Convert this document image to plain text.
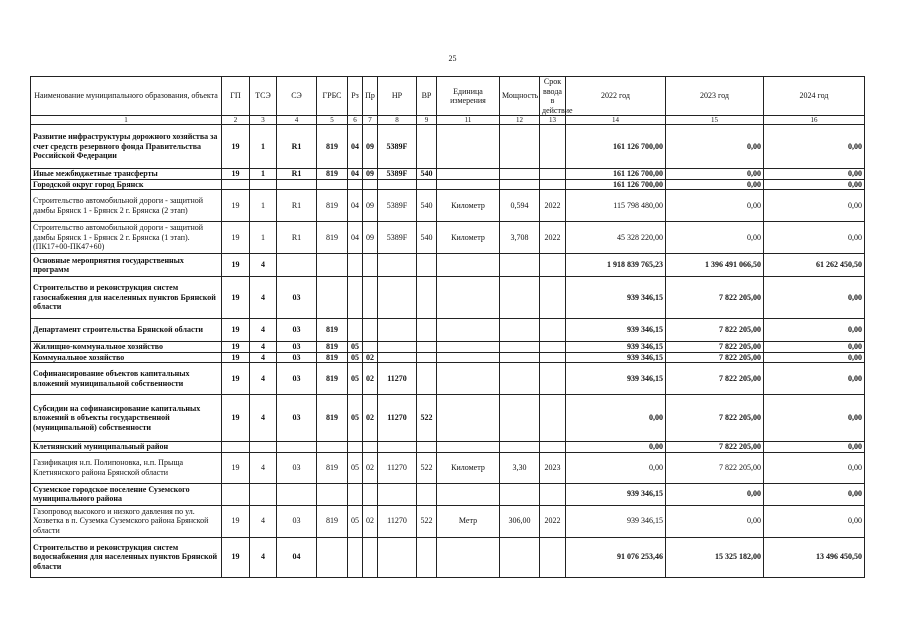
25
Наименование муниципального образования, объекта	ГП	ТСЭ	СЭ	ГРБС	Рз	Пр	НР	ВР	Единица измерения	Мощность	Срок ввода в действие	2022 год	2023 год	2024 год
1	2	3	4	5	6	7	8	9	11	12	13	14	15	16
Развитие инфраструктуры дорожного хозяйства за счет средств резервного фонда Правительства Российской Федерации	19	1	R1	819	04	09	5389F					161 126 700,00	0,00	0,00
Иные межбюджетные трансферты	19	1	R1	819	04	09	5389F	540				161 126 700,00	0,00	0,00
Городской округ город Брянск												161 126 700,00	0,00	0,00
Строительство автомобильной дороги - защитной дамбы Брянск 1 - Брянск 2 г. Брянска (2 этап)	19	1	R1	819	04	09	5389F	540	Километр	0,594	2022	115 798 480,00	0,00	0,00
Строительство автомобильной дороги - защитной дамбы Брянск 1 - Брянск 2 г. Брянска (1 этап). (ПК17+00-ПК47+60)	19	1	R1	819	04	09	5389F	540	Километр	3,708	2022	45 328 220,00	0,00	0,00
Основные мероприятия государственных программ	19	4										1 918 839 765,23	1 396 491 066,50	61 262 450,50
Строительство и реконструкция систем газоснабжения для населенных пунктов Брянской области	19	4	03									939 346,15	7 822 205,00	0,00
Департамент строительства Брянской области	19	4	03	819								939 346,15	7 822 205,00	0,00
Жилищно-коммунальное хозяйство	19	4	03	819	05							939 346,15	7 822 205,00	0,00
Коммунальное хозяйство	19	4	03	819	05	02						939 346,15	7 822 205,00	0,00
Софинансирование объектов капитальных вложений муниципальной собственности	19	4	03	819	05	02	11270					939 346,15	7 822 205,00	0,00
Субсидии на софинансирование капитальных вложений в объекты государственной (муниципальной) собственности	19	4	03	819	05	02	11270	522				0,00	7 822 205,00	0,00
Клетнянский муниципальный район												0,00	7 822 205,00	0,00
Газификация н.п. Полипоновка, н.п. Прыща Клетнянского района Брянской области	19	4	03	819	05	02	11270	522	Километр	3,30	2023	0,00	7 822 205,00	0,00
Суземское городское поселение Суземского муниципального района												939 346,15	0,00	0,00
Газопровод высокого и низкого давления по ул. Хозветка в п. Суземка Суземского района Брянской области	19	4	03	819	05	02	11270	522	Метр	306,00	2022	939 346,15	0,00	0,00
Строительство и реконструкция систем водоснабжения для населенных пунктов Брянской области	19	4	04									91 076 253,46	15 325 182,00	13 496 450,50
